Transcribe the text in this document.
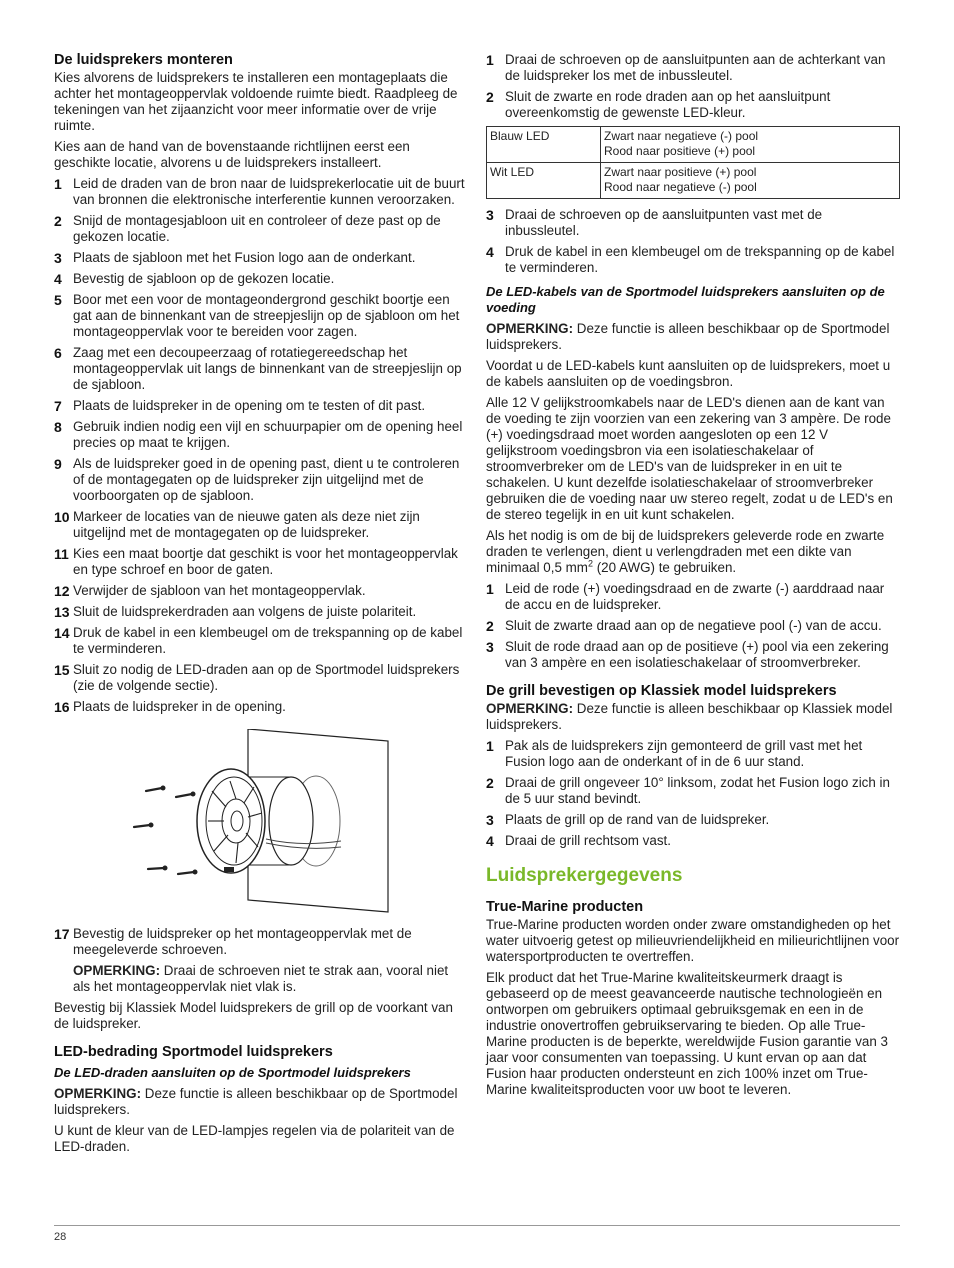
De luidsprekers monteren

Kies alvorens de luidsprekers te installeren een montageplaats die achter het montageoppervlak voldoende ruimte biedt. Raadpleeg de tekeningen van het zijaanzicht voor meer informatie over de vrije ruimte.

Kies aan de hand van de bovenstaande richtlijnen eerst een geschikte locatie, alvorens u de luidsprekers installeert.

1 Leid de draden van de bron naar de luidsprekerlocatie uit de buurt van bronnen die elektronische interferentie kunnen veroorzaken.
2 Snijd de montagesjabloon uit en controleer of deze past op de gekozen locatie.
3 Plaats de sjabloon met het Fusion logo aan de onderkant.
4 Bevestig de sjabloon op de gekozen locatie.
5 Boor met een voor de montageondergrond geschikt boortje een gat aan de binnenkant van de streepjeslijn op de sjabloon om het montageoppervlak voor te bereiden voor zagen.
6 Zaag met een decoupeerzaag of rotatiegereedschap het montageoppervlak uit langs de binnenkant van de streepjeslijn op de sjabloon.
7 Plaats de luidspreker in de opening om te testen of dit past.
8 Gebruik indien nodig een vijl en schuurpapier om de opening heel precies op maat te krijgen.
9 Als de luidspreker goed in de opening past, dient u te controleren of de montagegaten op de luidspreker zijn uitgelijnd met de voorboorgaten op de sjabloon.
10 Markeer de locaties van de nieuwe gaten als deze niet zijn uitgelijnd met de montagegaten op de luidspreker.
11 Kies een maat boortje dat geschikt is voor het montageoppervlak en type schroef en boor de gaten.
12 Verwijder de sjabloon van het montageoppervlak.
13 Sluit de luidsprekerdraden aan volgens de juiste polariteit.
14 Druk de kabel in een klembeugel om de trekspanning op de kabel te verminderen.
15 Sluit zo nodig de LED-draden aan op de Sportmodel luidsprekers (zie de volgende sectie).
16 Plaats de luidspreker in de opening.
17 Bevestig de luidspreker op het montageoppervlak met de meegeleverde schroeven.

OPMERKING: Draai de schroeven niet te strak aan, vooral niet als het montageoppervlak niet vlak is.

Bevestig bij Klassiek Model luidsprekers de grill op de voorkant van de luidspreker.

LED-bedrading Sportmodel luidsprekers
De LED-draden aansluiten op de Sportmodel luidsprekers

OPMERKING: Deze functie is alleen beschikbaar op de Sportmodel luidsprekers.

U kunt de kleur van de LED-lampjes regelen via de polariteit van de LED-draden.

1 Draai de schroeven op de aansluitpunten aan de achterkant van de luidspreker los met de inbussleutel.
2 Sluit de zwarte en rode draden aan op het aansluitpunt overeenkomstig de gewenste LED-kleur.
Blauw LED	Zwart naar negatieve (-) pool
Rood naar positieve (+) pool

Wit LED	Zwart naar positieve (+) pool
Rood naar negatieve (-) pool
3 Draai de schroeven op de aansluitpunten vast met de inbussleutel.
4 Druk de kabel in een klembeugel om de trekspanning op de kabel te verminderen.
De LED-kabels van de Sportmodel luidsprekers aansluiten op de voeding

OPMERKING: Deze functie is alleen beschikbaar op de Sportmodel luidsprekers.

Voordat u de LED-kabels kunt aansluiten op de luidsprekers, moet u de kabels aansluiten op de voedingsbron.

Alle 12 V gelijkstroomkabels naar de LED's dienen aan de kant van de voeding te zijn voorzien van een zekering van 3 ampère. De rode (+) voedingsdraad moet worden aangesloten op een 12 V gelijkstroom voedingsbron via een isolatieschakelaar of stroomverbreker om de LED's van de luidspreker in en uit te schakelen. U kunt dezelfde isolatieschakelaar of stroomverbreker gebruiken die de voeding naar uw stereo regelt, zodat u de LED's en de stereo tegelijk in en uit kunt schakelen.

Als het nodig is om de bij de luidsprekers geleverde rode en zwarte draden te verlengen, dient u verlengdraden met een dikte van minimaal 0,5 $mm^2$ (20 AWG) te gebruiken.

1 Leid de rode (+) voedingsdraad en de zwarte (-) aarddraad naar de accu en de luidspreker.
2 Sluit de zwarte draad aan op de negatieve pool (-) van de accu.
3 Sluit de rode draad aan op de positieve (+) pool via een zekering van 3 ampère en een isolatieschakelaar of stroomverbreker.
De grill bevestigen op Klassiek model luidsprekers

OPMERKING: Deze functie is alleen beschikbaar op Klassiek model luidsprekers.

1 Pak als de luidsprekers zijn gemonteerd de grill vast met het Fusion logo aan de onderkant of in de 6 uur stand.
2 Draai de grill ongeveer 10° linksom, zodat het Fusion logo zich in de 5 uur stand bevindt.
3 Plaats de grill op de rand van de luidspreker.
4 Draai de grill rechtsom vast.
Luidsprekergegevens
True-Marine producten

True-Marine producten worden onder zware omstandigheden op het water uitvoerig getest op milieuvriendelijkheid en milieurichtlijnen voor watersportproducten te overtreffen.

Elk product dat het True-Marine kwaliteitskeurmerk draagt is gebaseerd op de meest geavanceerde nautische technologieën en ontworpen om gebruikers optimaal gebruiksgemak en een in de industrie onovertroffen gebruikservaring te bieden. Op alle True-Marine producten is de beperkte, wereldwijde Fusion garantie van 3 jaar voor consumenten van toepassing. U kunt ervan op aan dat Fusion haar producten ondersteunt en zich 100% inzet om True-Marine kwaliteitsproducten voor uw boot te leveren.

28
